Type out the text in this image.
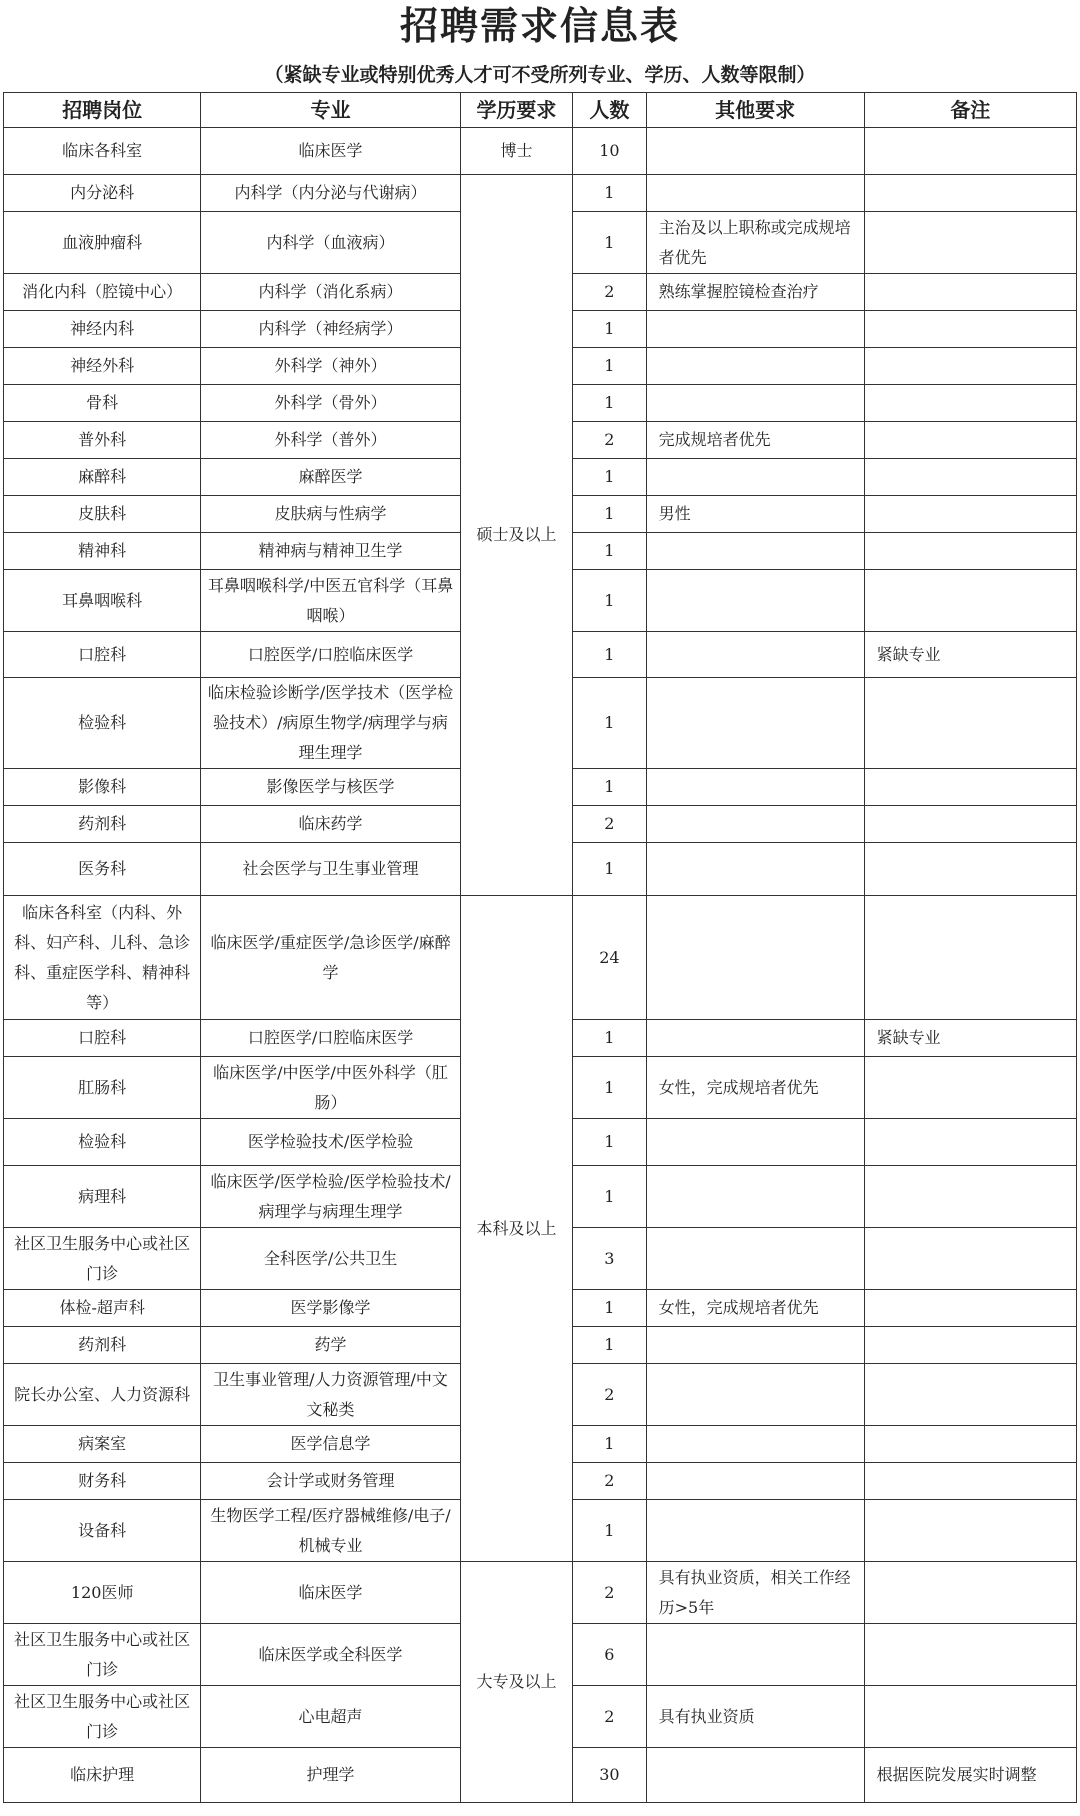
招聘需求信息表
（紧缺专业或特别优秀人才可不受所列专业、学历、人数等限制）
招聘岗位	专业	学历要求	人数	其他要求	备注
临床各科室	临床医学	博士	10		
内分泌科	内科学（内分泌与代谢病）	硕士及以上	1		
血液肿瘤科	内科学（血液病）		1	主治及以上职称或完成规培者优先	
消化内科（腔镜中心）	内科学（消化系病）		2	熟练掌握腔镜检查治疗	
神经内科	内科学（神经病学）		1		
神经外科	外科学（神外）		1		
骨科	外科学（骨外）		1		
普外科	外科学（普外）		2	完成规培者优先	
麻醉科	麻醉医学		1		
皮肤科	皮肤病与性病学		1	男性	
精神科	精神病与精神卫生学		1		
耳鼻咽喉科	耳鼻咽喉科学/中医五官科学（耳鼻咽喉）		1		
口腔科	口腔医学/口腔临床医学		1		紧缺专业
检验科	临床检验诊断学/医学技术（医学检验技术）/病原生物学/病理学与病理生理学		1		
影像科	影像医学与核医学		1		
药剂科	临床药学		2		
医务科	社会医学与卫生事业管理		1		
临床各科室（内科、外科、妇产科、儿科、急诊科、重症医学科、精神科等）	临床医学/重症医学/急诊医学/麻醉学	本科及以上	24		
口腔科	口腔医学/口腔临床医学		1		紧缺专业
肛肠科	临床医学/中医学/中医外科学（肛肠）		1	女性，完成规培者优先	
检验科	医学检验技术/医学检验		1		
病理科	临床医学/医学检验/医学检验技术/病理学与病理生理学		1		
社区卫生服务中心或社区门诊	全科医学/公共卫生		3		
体检-超声科	医学影像学		1	女性，完成规培者优先	
药剂科	药学		1		
院长办公室、人力资源科	卫生事业管理/人力资源管理/中文文秘类		2		
病案室	医学信息学		1		
财务科	会计学或财务管理		2		
设备科	生物医学工程/医疗器械维修/电子/机械专业		1		
120医师	临床医学	大专及以上	2	具有执业资质，相关工作经历>5年	
社区卫生服务中心或社区门诊	临床医学或全科医学		6		
社区卫生服务中心或社区门诊	心电超声		2	具有执业资质	
临床护理	护理学		30		根据医院发展实时调整
